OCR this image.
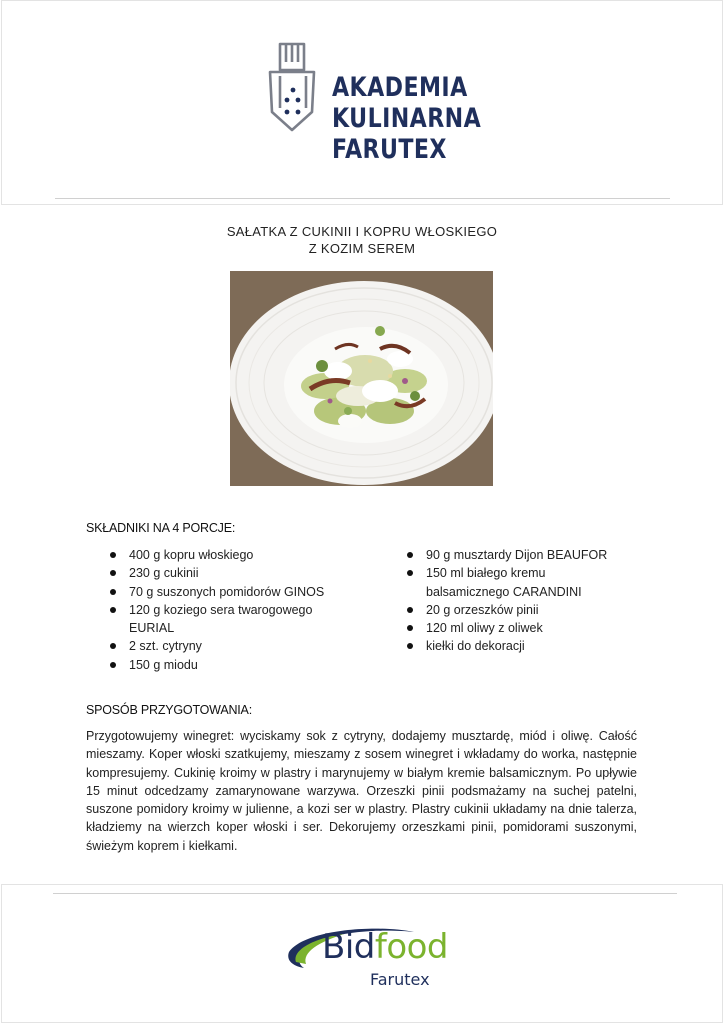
AKADEMIA
KULINARNA
FARUTEX
SAŁATKA Z CUKINII I KOPRU WŁOSKIEGO
Z KOZIM SEREM
SKŁADNIKI NA 4 PORCJE:
400 g kopru włoskiego
230 g cukinii
70 g suszonych pomidorów GINOS
120 g koziego sera twarogowego EURIAL
2 szt. cytryny
150 g miodu
90 g musztardy Dijon BEAUFOR
150 ml białego kremu balsamicznego CARANDINI
20 g orzeszków pinii
120 ml oliwy z oliwek
kiełki do dekoracji
SPOSÓB PRZYGOTOWANIA:
Przygotowujemy winegret: wyciskamy sok z cytryny, dodajemy musztardę, miód i oliwę. Całość mieszamy. Koper włoski szatkujemy, mieszamy z sosem winegret i wkładamy do worka, następnie kompresujemy. Cukinię kroimy w plastry i marynujemy w białym kremie balsamicznym. Po upływie 15 minut odcedzamy zamarynowane warzywa. Orzeszki pinii podsmażamy na suchej patelni, suszone pomidory kroimy w julienne, a kozi ser w plastry. Plastry cukinii układamy na dnie talerza, kładziemy na wierzch koper włoski i ser. Dekorujemy orzeszkami pinii, pomidorami suszonymi, świeżym koprem i kiełkami.
Bidfood
Farutex
